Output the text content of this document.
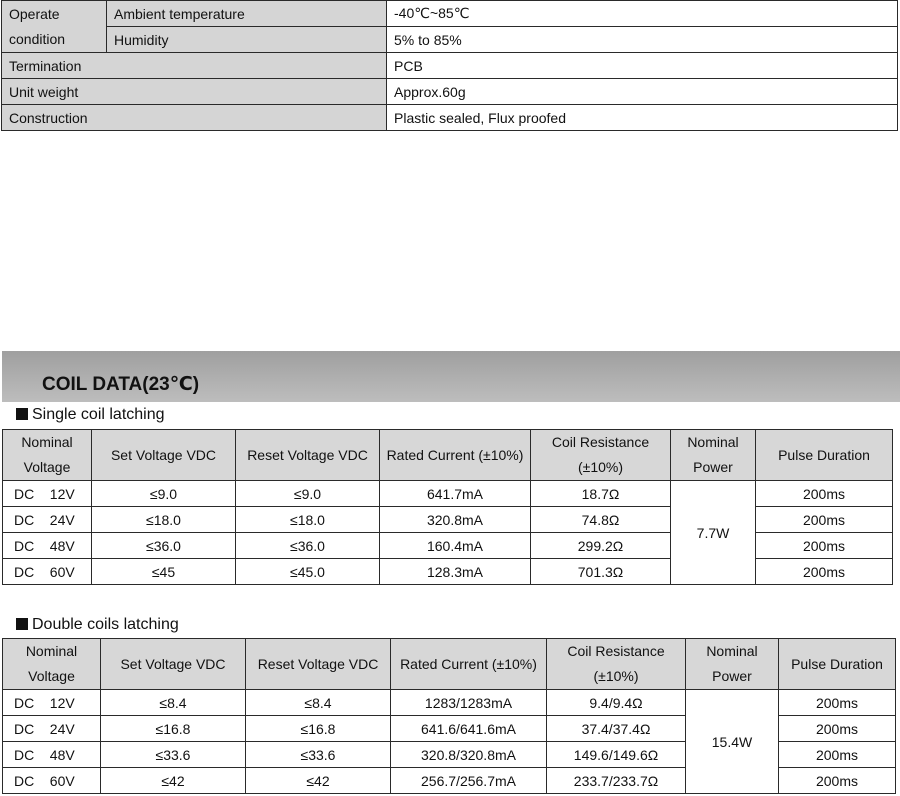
Operate condition	Ambient temperature	-40℃~85℃
	Humidity	5% to 85%
Termination		PCB
Unit weight		Approx.60g
Construction		Plastic sealed, Flux proofed
COIL DATA(23℃)
Single coil latching
Nominal Voltage	Set Voltage VDC	Reset Voltage VDC	Rated Current (±10%)	Coil Resistance (±10%)	Nominal Power	Pulse Duration
DC    12V	≤9.0	≤9.0	641.7mA	18.7Ω	7.7W	200ms
DC    24V	≤18.0	≤18.0	320.8mA	74.8Ω		200ms
DC    48V	≤36.0	≤36.0	160.4mA	299.2Ω		200ms
DC    60V	≤45	≤45.0	128.3mA	701.3Ω		200ms
Double coils latching
Nominal Voltage	Set Voltage VDC	Reset Voltage VDC	Rated Current (±10%)	Coil Resistance (±10%)	Nominal Power	Pulse Duration
DC    12V	≤8.4	≤8.4	1283/1283mA	9.4/9.4Ω	15.4W	200ms
DC    24V	≤16.8	≤16.8	641.6/641.6mA	37.4/37.4Ω		200ms
DC    48V	≤33.6	≤33.6	320.8/320.8mA	149.6/149.6Ω		200ms
DC    60V	≤42	≤42	256.7/256.7mA	233.7/233.7Ω		200ms
